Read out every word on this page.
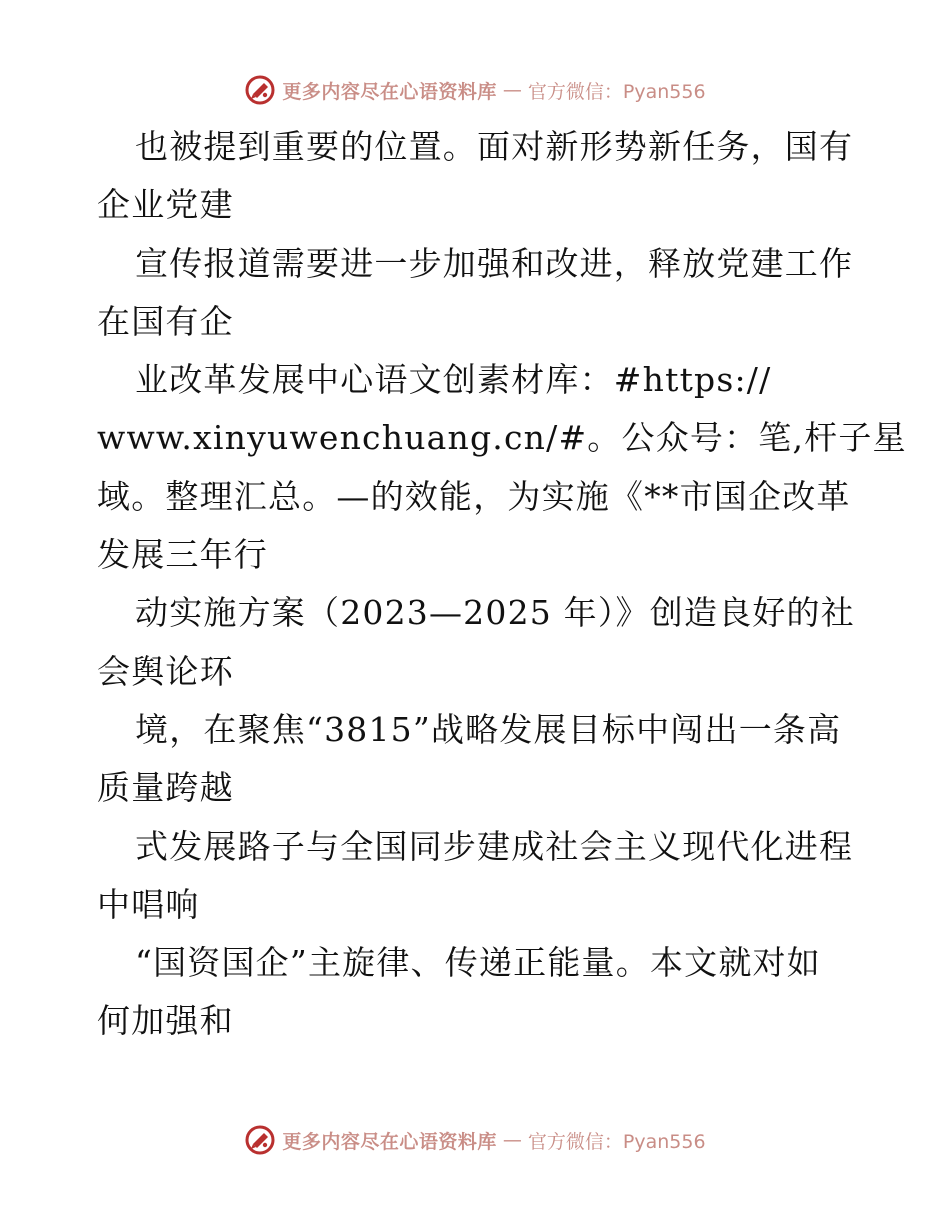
更多内容尽在心语资料库 — 官方微信：Pyan556
也被提到重要的位置。面对新形势新任务，国有
企业党建
宣传报道需要进一步加强和改进，释放党建工作
在国有企
业改革发展中心语文创素材库：#https://
www.xinyuwenchuang.cn/#。公众号：笔,杆子星
域。整理汇总。—的效能，为实施《**市国企改革
发展三年行
动实施方案（2023—2025 年）》创造良好的社
会舆论环
境，在聚焦“3815”战略发展目标中闯出一条高
质量跨越
式发展路子与全国同步建成社会主义现代化进程
中唱响
“国资国企”主旋律、传递正能量。本文就对如
何加强和
更多内容尽在心语资料库 — 官方微信：Pyan556
